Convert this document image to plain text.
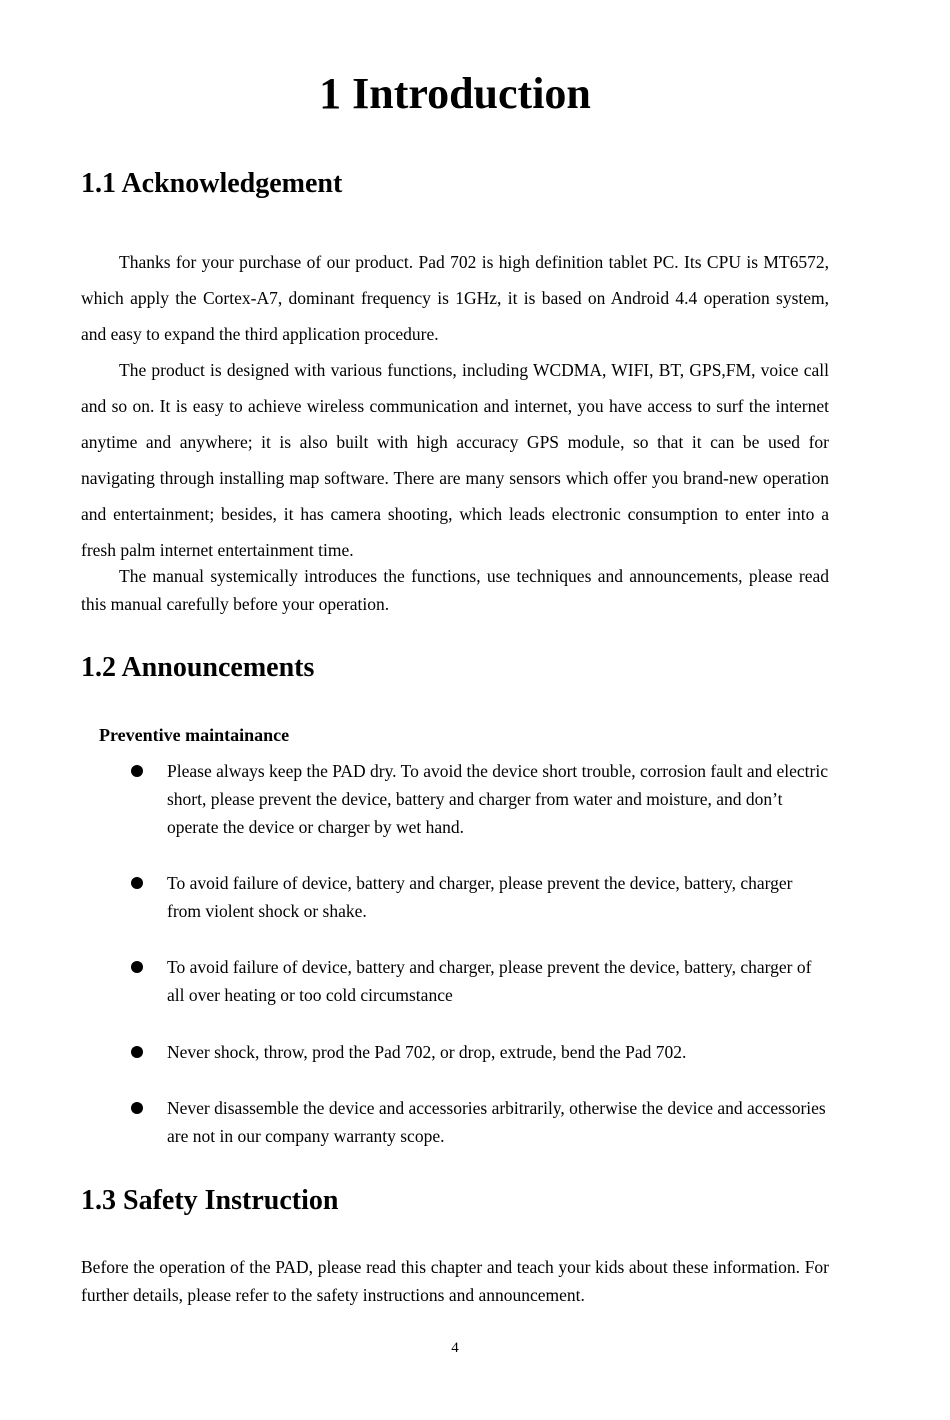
1 Introduction
1.1 Acknowledgement

Thanks for your purchase of our product. Pad 702 is high definition tablet PC. Its CPU is MT6572, which apply the Cortex-A7, dominant frequency is 1GHz, it is based on Android 4.4 operation system, and easy to expand the third application procedure.

The product is designed with various functions, including WCDMA, WIFI, BT, GPS,FM, voice call and so on. It is easy to achieve wireless communication and internet, you have access to surf the internet anytime and anywhere; it is also built with high accuracy GPS module, so that it can be used for navigating through installing map software. There are many sensors which offer you brand-new operation and entertainment; besides, it has camera shooting, which leads electronic consumption to enter into a fresh palm internet entertainment time.

The manual systemically introduces the functions, use techniques and announcements, please read this manual carefully before your operation.

1.2 Announcements

Preventive maintainance

Please always keep the PAD dry. To avoid the device short trouble, corrosion fault and electric short, please prevent the device, battery and charger from water and moisture, and don’t operate the device or charger by wet hand.
To avoid failure of device, battery and charger, please prevent the device, battery, charger from violent shock or shake.
To avoid failure of device, battery and charger, please prevent the device, battery, charger of all over heating or too cold circumstance
Never shock, throw, prod the Pad 702, or drop, extrude, bend the Pad 702.
Never disassemble the device and accessories arbitrarily, otherwise the device and accessories are not in our company warranty scope.
1.3 Safety Instruction

Before the operation of the PAD, please read this chapter and teach your kids about these information. For further details, please refer to the safety instructions and announcement.

4
